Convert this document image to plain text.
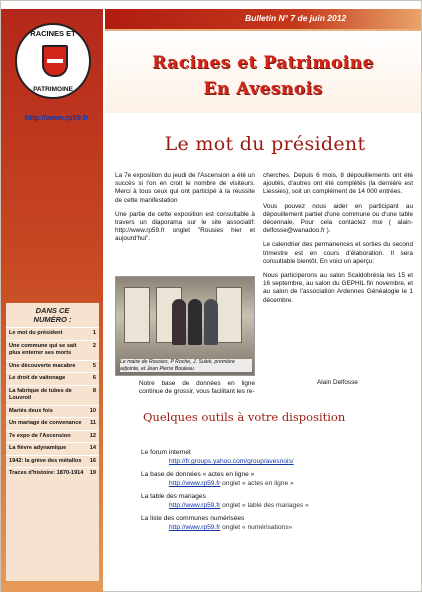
RACINES ET
PATRIMOINE
http://www.rp59.fr
DANS CE
NUMÉRO :
Le mot du président	1
Une commune qui se sait plus enterrer ses morts
2
Une découverte macabre	5
Le droit de vaitonage	6
La fabrique de tubes de Louvroil
8
Mariés deux fois	10
Un mariage de convenance 11
7e expo de l'Ascension	12
La fièvre adynamique	14
1942: la grève des métallos 16
Traces d'histoire: 1870-1914 19
Bulletin N° 7 de juin 2012
Racines et Patrimoine
En Avesnois
Le mot du président

La 7e exposition du jeudi de l'Ascension a été un succès si l'on en croit le nombre de visiteurs. Merci à tous ceux qui ont participé à la réussite de cette manifestation

Une partie de cette exposition est consultable à travers un diaporama sur le site associatif: http://www.rp59.fr onglet "Rousies hier et aujourd'hui".

Le maire de Rousies, P Roche, J. Sulek, première adjointe, et Jean Pierre Bouleau

Notre base de données en ligne continue de grossir, vous facilitant les re-

cherches. Depuis 6 mois, 8 dépouillements ont été ajoutés, d'autres ont été complétés (la dernière est Liessies), soit un complément de 14 000 entrées.

Vous pouvez nous aider en participant au dépouillement partiel d'une commune ou d'une table décennale. Pour cela contactez moi ( alain-delfosse@wanadoo.fr ).

Le calendrier des permanences et sorties du second trimestre est en cours d'élaboration. Il sera consultable bientôt. En voici un aperçu:

Nous participerons au salon Scaldobrésia les 15 et 16 septembre, au salon du GEPHIL fin novembre, et au salon de l'association Ardennes Généalogie le 1 décembre.

Alain Delfosse
Quelques outils à votre disposition
Le forum internet
http://fr.groups.yahoo.com/group/avesnois/
La base de données « actes en ligne »
http://www.rp59.fr onglet « actes en ligne »
La table des mariages
http://www.rp59.fr onglet « table des mariages »
La liste des communes numérisées
http://www.rp59.fr onglet « numérisations»
